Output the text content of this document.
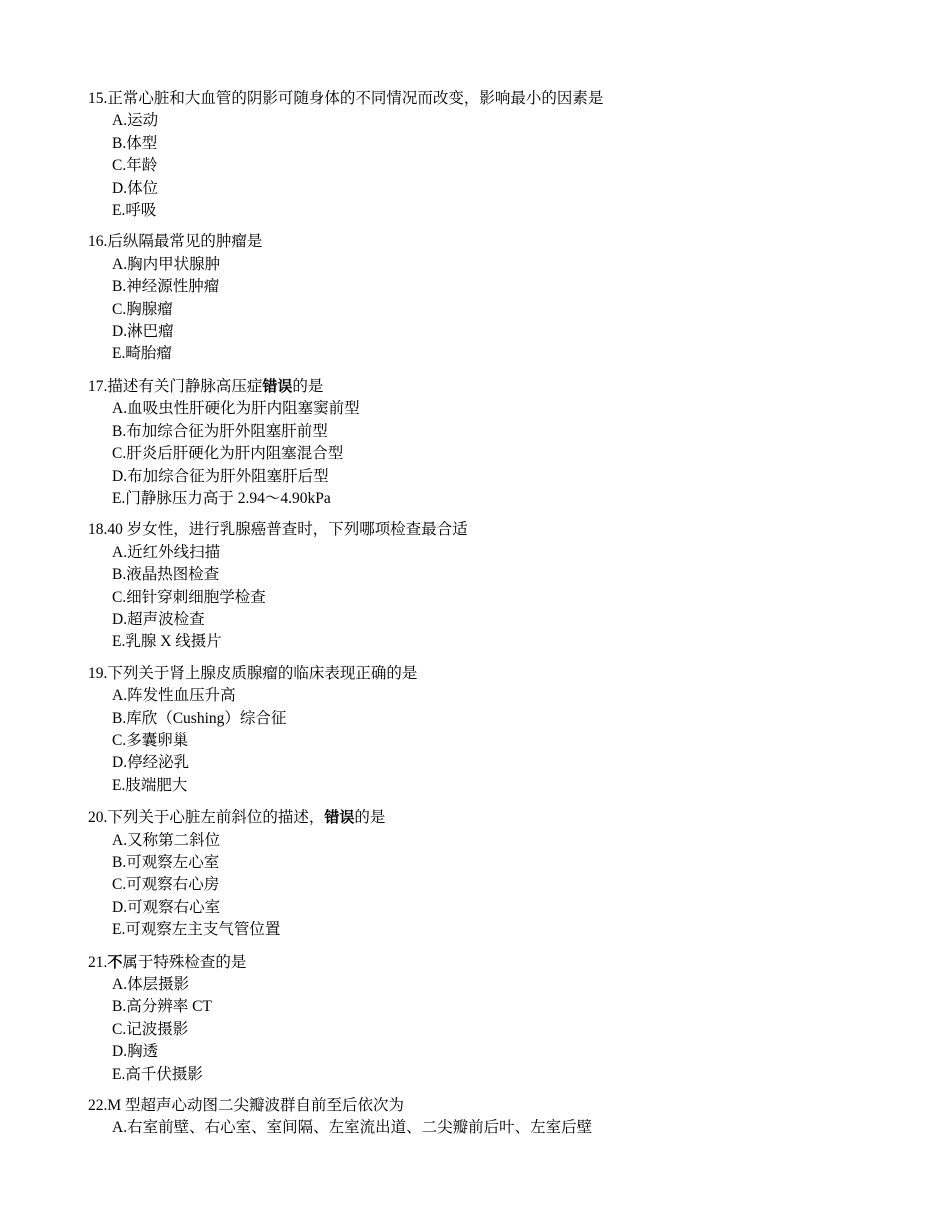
15.正常心脏和大血管的阴影可随身体的不同情况而改变，影响最小的因素是
A.运动
B.体型
C.年龄
D.体位
E.呼吸
16.后纵隔最常见的肿瘤是
A.胸内甲状腺肿
B.神经源性肿瘤
C.胸腺瘤
D.淋巴瘤
E.畸胎瘤
17.描述有关门静脉高压症错误的是
A.血吸虫性肝硬化为肝内阻塞窦前型
B.布加综合征为肝外阻塞肝前型
C.肝炎后肝硬化为肝内阻塞混合型
D.布加综合征为肝外阻塞肝后型
E.门静脉压力高于 2.94～4.90kPa
18.40 岁女性，进行乳腺癌普查时，下列哪项检查最合适
A.近红外线扫描
B.液晶热图检查
C.细针穿刺细胞学检查
D.超声波检查
E.乳腺 X 线摄片
19.下列关于肾上腺皮质腺瘤的临床表现正确的是
A.阵发性血压升高
B.库欣（Cushing）综合征
C.多囊卵巢
D.停经泌乳
E.肢端肥大
20.下列关于心脏左前斜位的描述，错误的是
A.又称第二斜位
B.可观察左心室
C.可观察右心房
D.可观察右心室
E.可观察左主支气管位置
21.不属于特殊检查的是
A.体层摄影
B.高分辨率 CT
C.记波摄影
D.胸透
E.高千伏摄影
22.M 型超声心动图二尖瓣波群自前至后依次为
A.右室前壁、右心室、室间隔、左室流出道、二尖瓣前后叶、左室后壁
